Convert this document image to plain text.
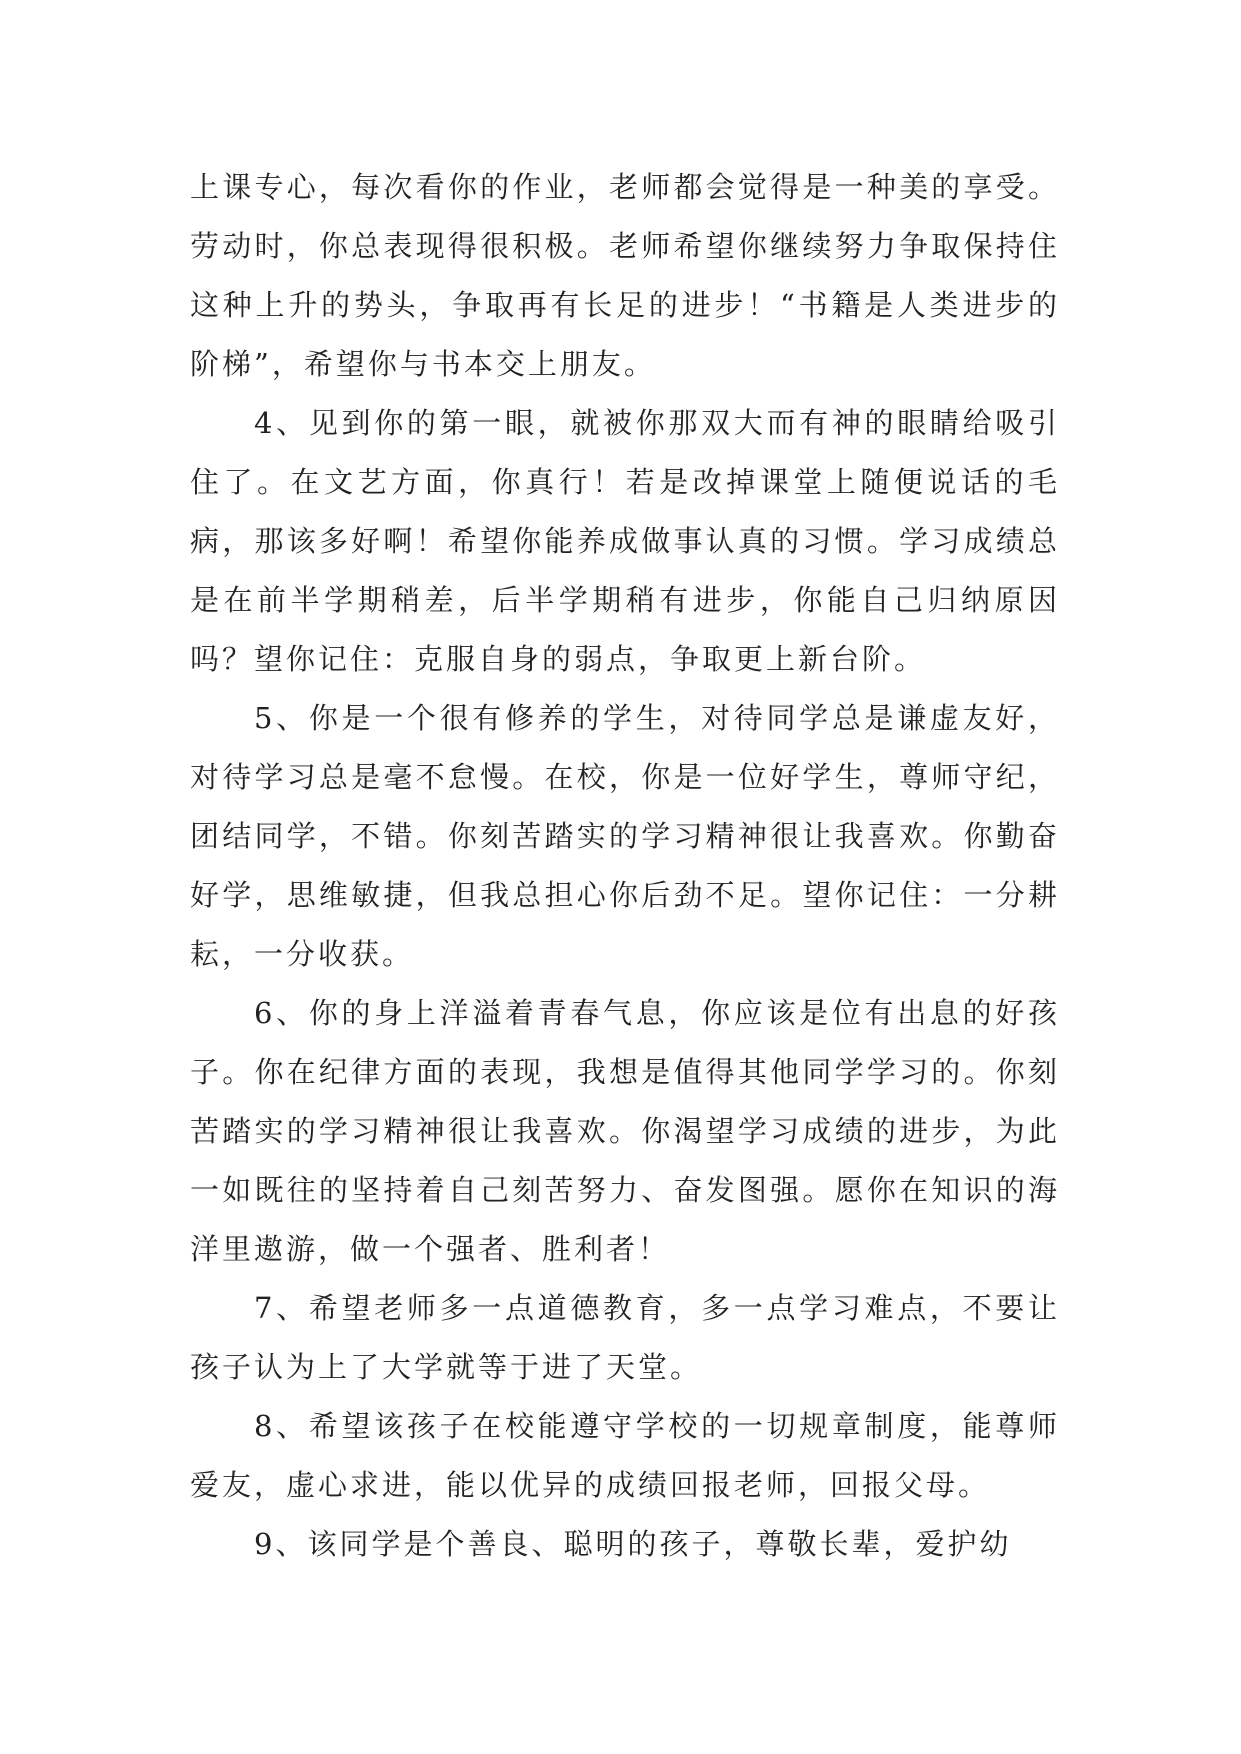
上课专心，每次看你的作业，老师都会觉得是一种美的享受。劳动时，你总表现得很积极。老师希望你继续努力争取保持住这种上升的势头，争取再有长足的进步！“书籍是人类进步的阶梯”，希望你与书本交上朋友。

4、见到你的第一眼，就被你那双大而有神的眼睛给吸引住了。在文艺方面，你真行！若是改掉课堂上随便说话的毛病，那该多好啊！希望你能养成做事认真的习惯。学习成绩总是在前半学期稍差，后半学期稍有进步，你能自己归纳原因吗？望你记住：克服自身的弱点，争取更上新台阶。

5、你是一个很有修养的学生，对待同学总是谦虚友好，对待学习总是毫不怠慢。在校，你是一位好学生，尊师守纪，团结同学，不错。你刻苦踏实的学习精神很让我喜欢。你勤奋好学，思维敏捷，但我总担心你后劲不足。望你记住：一分耕耘，一分收获。

6、你的身上洋溢着青春气息，你应该是位有出息的好孩子。你在纪律方面的表现，我想是值得其他同学学习的。你刻苦踏实的学习精神很让我喜欢。你渴望学习成绩的进步，为此一如既往的坚持着自己刻苦努力、奋发图强。愿你在知识的海洋里遨游，做一个强者、胜利者！

7、希望老师多一点道德教育，多一点学习难点，不要让孩子认为上了大学就等于进了天堂。

8、希望该孩子在校能遵守学校的一切规章制度，能尊师爱友，虚心求进，能以优异的成绩回报老师，回报父母。

9、该同学是个善良、聪明的孩子，尊敬长辈，爱护幼
